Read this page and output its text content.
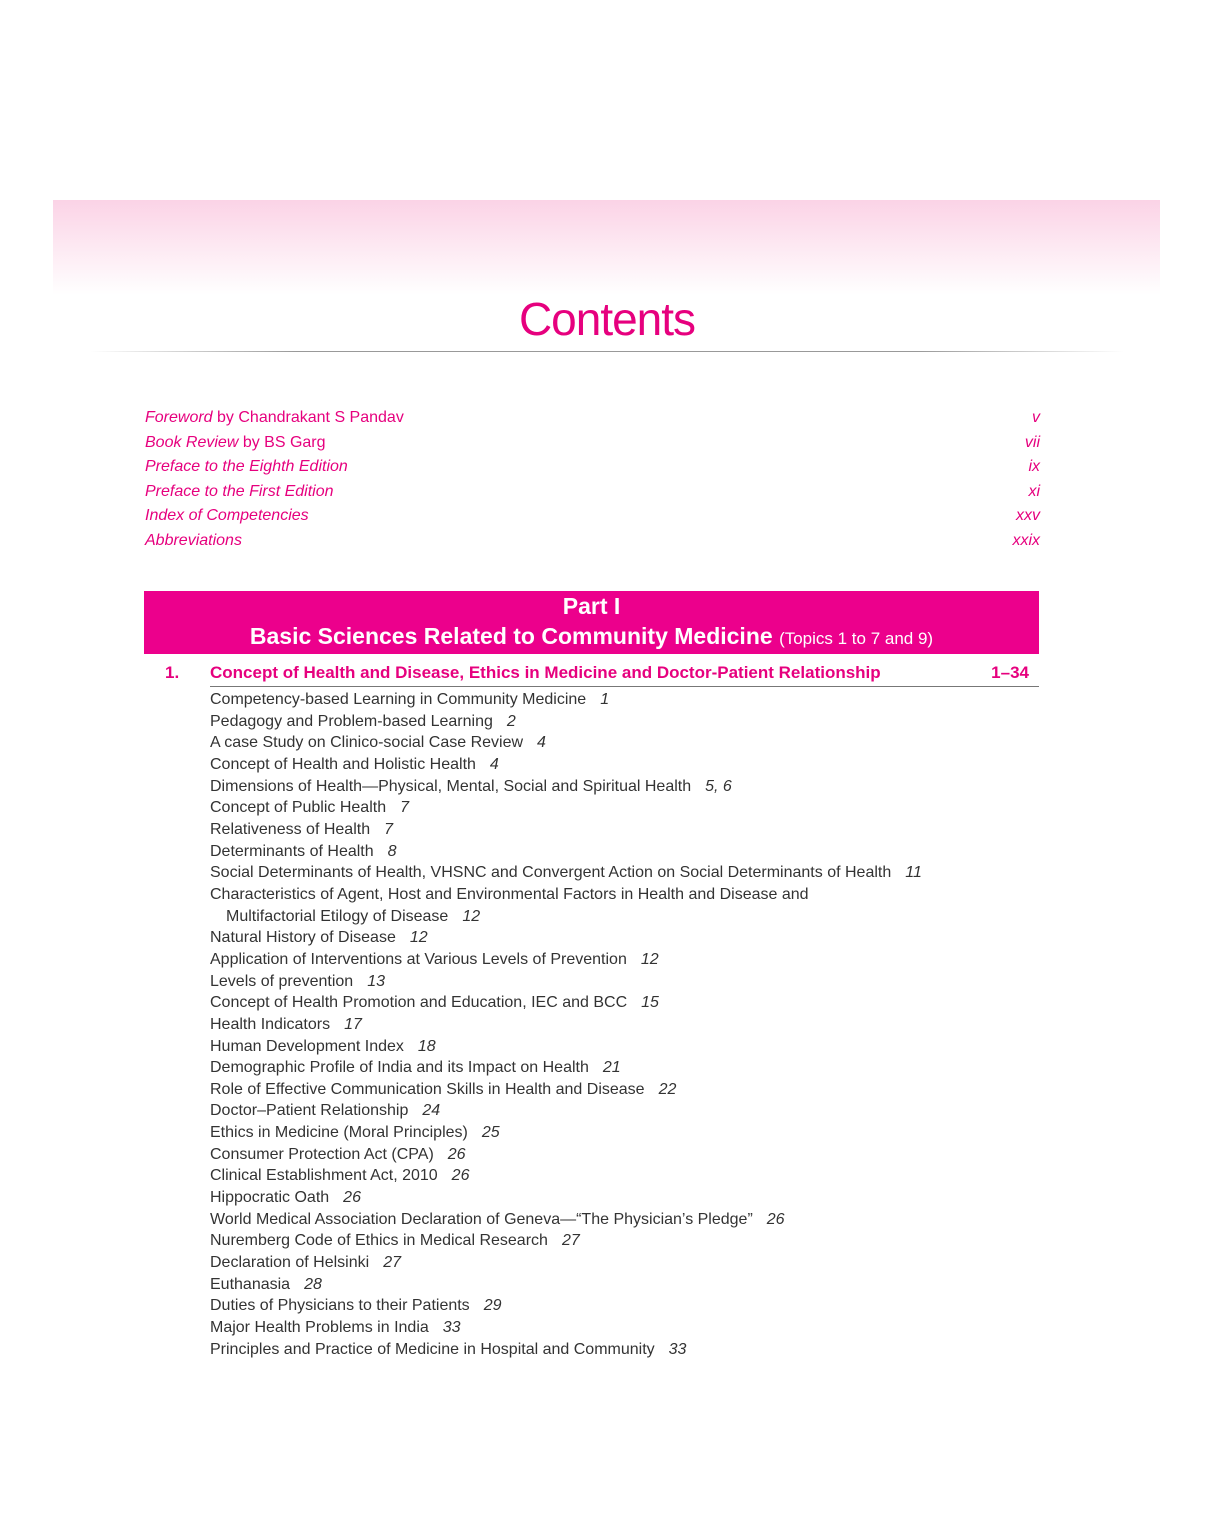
Contents
Foreword by Chandrakant S Pandav	v
Book Review by BS Garg	vii
Preface to the Eighth Edition	ix
Preface to the First Edition	xi
Index of Competencies	xxv
Abbreviations	xxix
Part I
Basic Sciences Related to Community Medicine (Topics 1 to 7 and 9)
1. Concept of Health and Disease, Ethics in Medicine and Doctor-Patient Relationship	1–34
Competency-based Learning in Community Medicine 1
Pedagogy and Problem-based Learning 2
A case Study on Clinico-social Case Review 4
Concept of Health and Holistic Health 4
Dimensions of Health—Physical, Mental, Social and Spiritual Health 5, 6
Concept of Public Health 7
Relativeness of Health 7
Determinants of Health 8
Social Determinants of Health, VHSNC and Convergent Action on Social Determinants of Health 11
Characteristics of Agent, Host and Environmental Factors in Health and Disease and
Multifactorial Etilogy of Disease 12
Natural History of Disease 12
Application of Interventions at Various Levels of Prevention 12
Levels of prevention 13
Concept of Health Promotion and Education, IEC and BCC 15
Health Indicators 17
Human Development Index 18
Demographic Profile of India and its Impact on Health 21
Role of Effective Communication Skills in Health and Disease 22
Doctor–Patient Relationship 24
Ethics in Medicine (Moral Principles) 25
Consumer Protection Act (CPA) 26
Clinical Establishment Act, 2010 26
Hippocratic Oath 26
World Medical Association Declaration of Geneva—“The Physician’s Pledge” 26
Nuremberg Code of Ethics in Medical Research 27
Declaration of Helsinki 27
Euthanasia 28
Duties of Physicians to their Patients 29
Major Health Problems in India 33
Principles and Practice of Medicine in Hospital and Community 33
